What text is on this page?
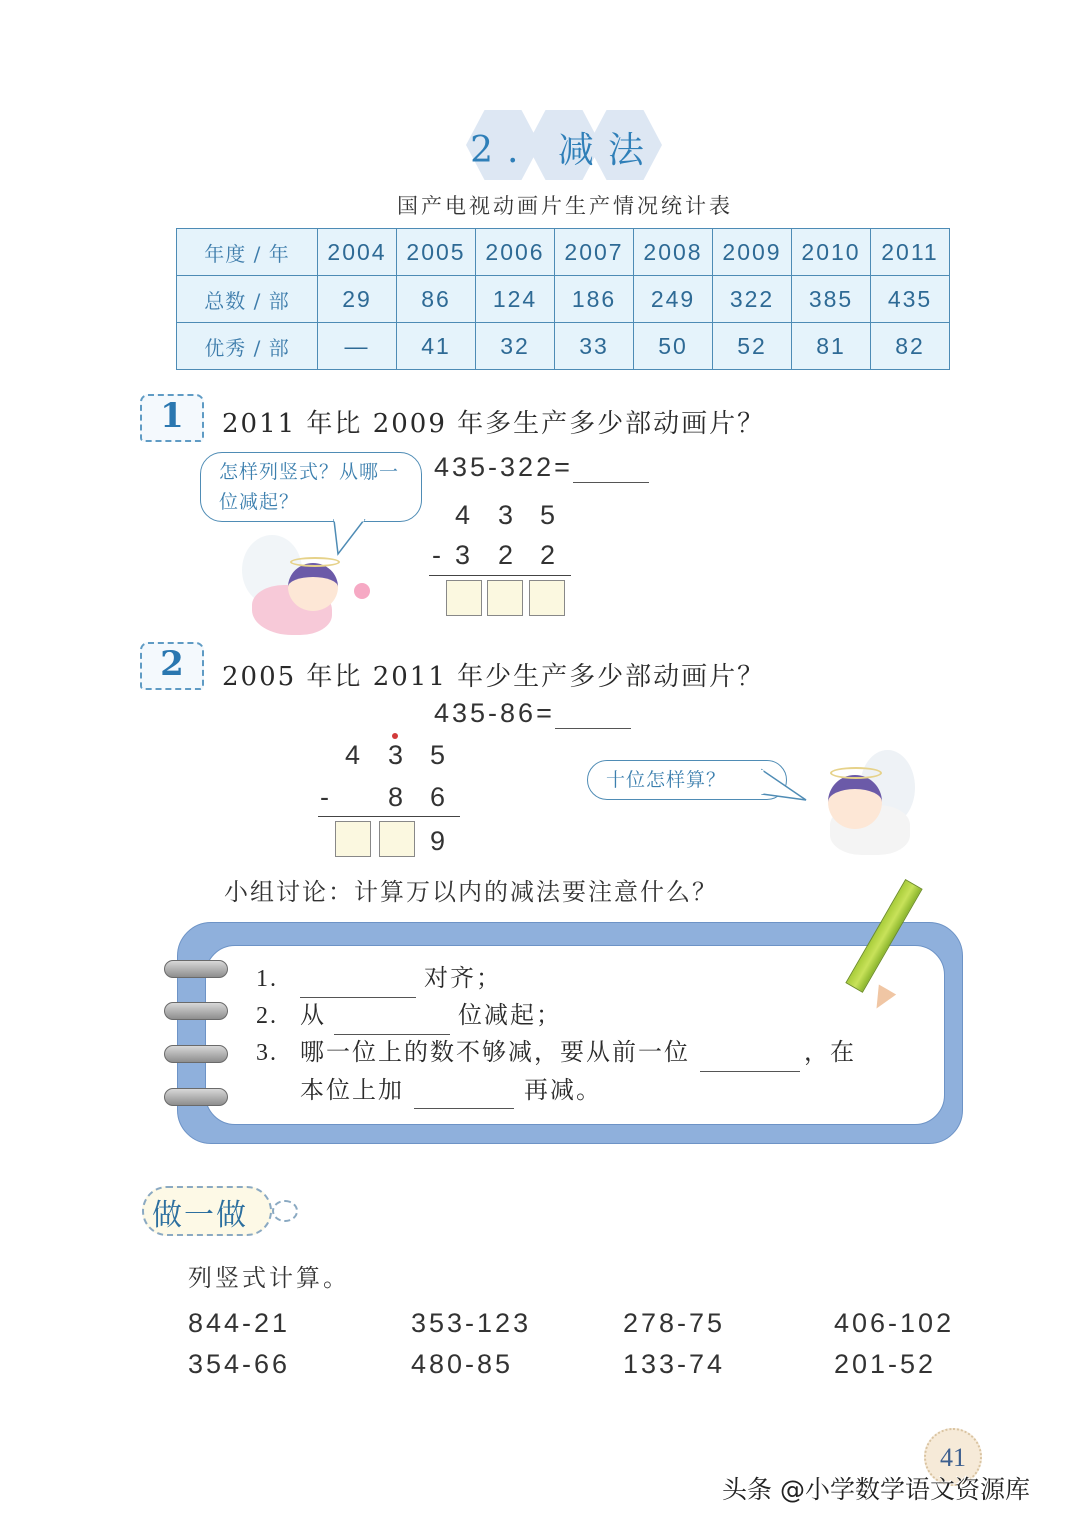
2. 减法
国产电视动画片生产情况统计表
年度 / 年	2004	2005	2006	2007	2008	2009	2010	2011
总数 / 部	29	86	124	186	249	322	385	435
优秀 / 部	—	41	32	33	50	52	81	82
1	2011 年比 2009 年多生产多少部动画片？
怎样列竖式？从哪一位减起？
435-322=
4 3 5
- 3 2 2
2	2005 年比 2011 年少生产多少部动画片？
435-86=
4 3 5
- 8 6
9
十位怎样算？
小组讨论：计算万以内的减法要注意什么？
1.	对齐；
2. 从	位减起；
3. 哪一位上的数不够减，要从前一位	，在
本位上加	再减。
做一做
列竖式计算。
844-21	353-123	278-75	406-102
354-66	480-85	133-74	201-52
41
头条 @小学数学语文资源库
